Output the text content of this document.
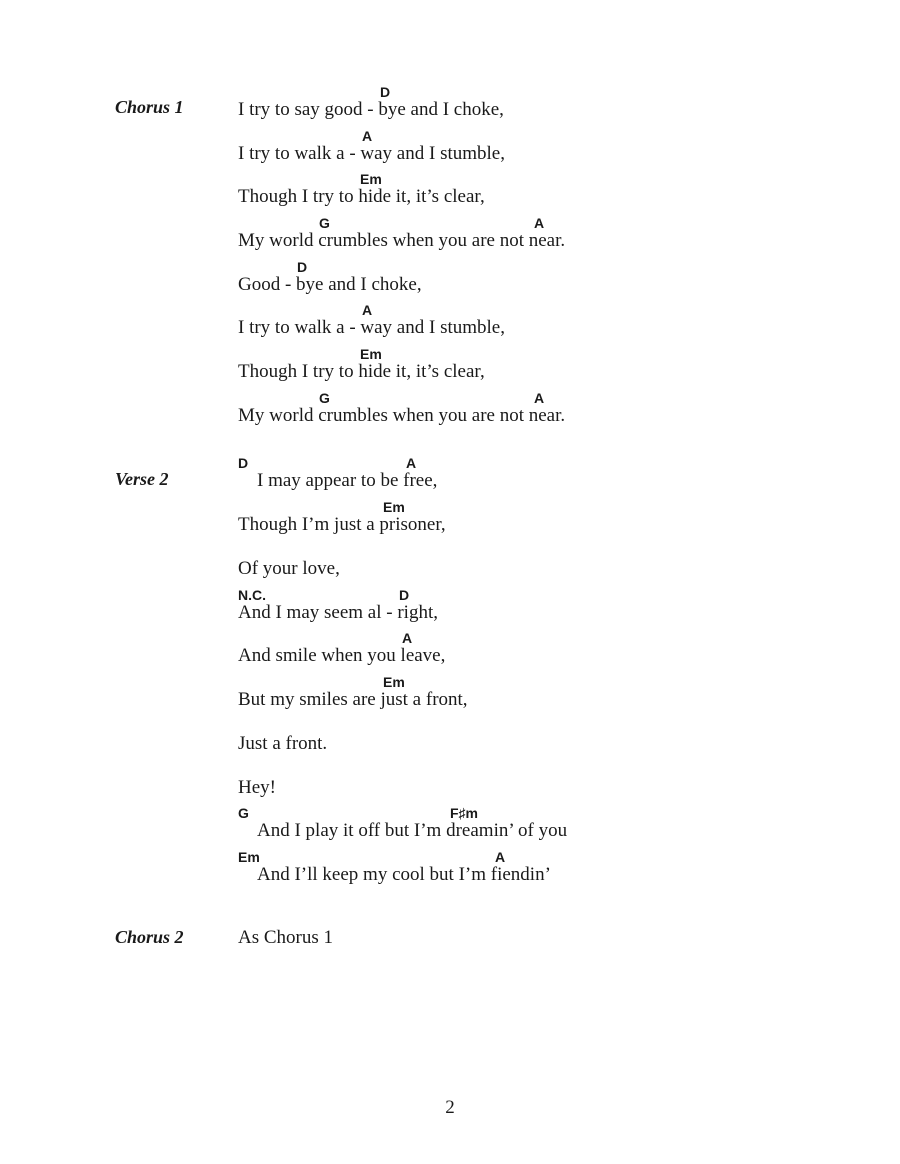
Chorus 1
D
I try to say good - bye and I choke,
A
I try to walk a - way and I stumble,
Em
Though I try to hide it, it’s clear,
G	A
My world crumbles when you are not near.
D
Good - bye and I choke,
A
I try to walk a - way and I stumble,
Em
Though I try to hide it, it’s clear,
G	A
My world crumbles when you are not near.
Verse 2
D	A
I may appear to be free,
Em
Though I’m just a prisoner,
Of your love,
N.C.	D
And I may seem al - right,
A
And smile when you leave,
Em
But my smiles are just a front,
Just a front.
Hey!
G	F♯m
And I play it off but I’m dreamin’ of you
Em	A
And I’ll keep my cool but I’m fiendin’
Chorus 2	As Chorus 1
2
